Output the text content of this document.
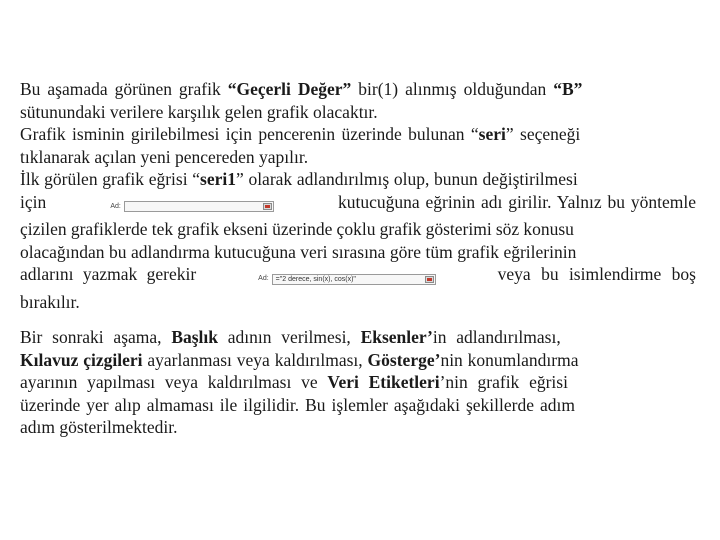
Bu aşamada görünen grafik “Geçerli Değer” bir(1) alınmış olduğundan “B”
sütunundaki verilere karşılık gelen grafik olacaktır.
Grafik isminin girilebilmesi için pencerenin üzerinde bulunan “seri” seçeneği
tıklanarak açılan yeni pencereden yapılır.
İlk görülen grafik eğrisi “seri1” olarak adlandırılmış olup, bunun değiştirilmesi
için	Ad:	kutucuğuna eğrinin adı girilir. Yalnız bu yöntemle
çizilen grafiklerde tek grafik ekseni üzerinde çoklu grafik gösterimi söz konusu
olacağından bu adlandırma kutucuğuna veri sırasına göre tüm grafik eğrilerinin
adlarını yazmak gerekir	Ad:	="2 derece, sin(x), cos(x)"	veya bu isimlendirme boş
bırakılır.
Bir sonraki aşama, Başlık adının verilmesi, Eksenler’in adlandırılması,
Kılavuz çizgileri ayarlanması veya kaldırılması, Gösterge’nin konumlandırma
ayarının yapılması veya kaldırılması ve Veri Etiketleri’nin grafik eğrisi
üzerinde yer alıp almaması ile ilgilidir. Bu işlemler aşağıdaki şekillerde adım
adım gösterilmektedir.
